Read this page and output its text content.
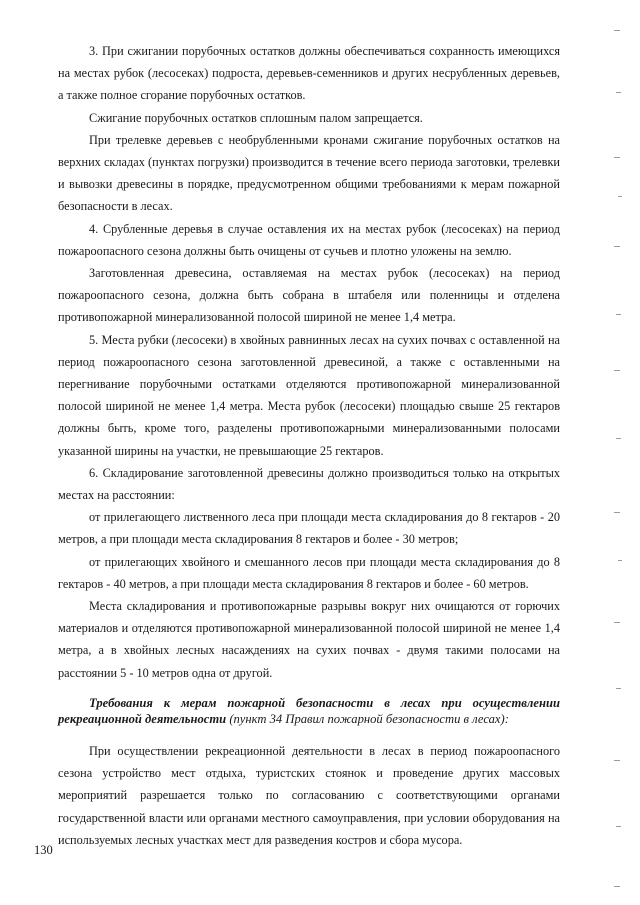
3. При сжигании порубочных остатков должны обеспечиваться сохранность имеющихся на местах рубок (лесосеках) подроста, деревьев-семенников и других несрубленных деревьев, а также полное сгорание порубочных остатков.

Сжигание порубочных остатков сплошным палом запрещается.

При трелевке деревьев с необрубленными кронами сжигание порубочных остатков на верхних складах (пунктах погрузки) производится в течение всего периода заготовки, трелевки и вывозки древесины в порядке, предусмотренном общими требованиями к мерам пожарной безопасности в лесах.

4. Срубленные деревья в случае оставления их на местах рубок (лесосеках) на период пожароопасного сезона должны быть очищены от сучьев и плотно уложены на землю.

Заготовленная древесина, оставляемая на местах рубок (лесосеках) на период пожароопасного сезона, должна быть собрана в штабеля или поленницы и отделена противопожарной минерализованной полосой шириной не менее 1,4 метра.

5. Места рубки (лесосеки) в хвойных равнинных лесах на сухих почвах с оставленной на период пожароопасного сезона заготовленной древесиной, а также с оставленными на перегнивание порубочными остатками отделяются противопожарной минерализованной полосой шириной не менее 1,4 метра. Места рубок (лесосеки) площадью свыше 25 гектаров должны быть, кроме того, разделены противопожарными минерализованными полосами указанной ширины на участки, не превышающие 25 гектаров.

6. Складирование заготовленной древесины должно производиться только на открытых местах на расстоянии:

от прилегающего лиственного леса при площади места складирования до 8 гектаров - 20 метров, а при площади места складирования 8 гектаров и более - 30 метров;

от прилегающих хвойного и смешанного лесов при площади места складирования до 8 гектаров - 40 метров, а при площади места складирования 8 гектаров и более - 60 метров.

Места складирования и противопожарные разрывы вокруг них очищаются от горючих материалов и отделяются противопожарной минерализованной полосой шириной не менее 1,4 метра, а в хвойных лесных насаждениях на сухих почвах - двумя такими полосами на расстоянии 5 - 10 метров одна от другой.

Требования к мерам пожарной безопасности в лесах при осуществлении рекреационной деятельности (пункт 34 Правил пожарной безопасности в лесах):

При осуществлении рекреационной деятельности в лесах в период пожароопасного сезона устройство мест отдыха, туристских стоянок и проведение других массовых мероприятий разрешается только по согласованию с соответствующими органами государственной власти или органами местного самоуправления, при условии оборудования на используемых лесных участках мест для разведения костров и сбора мусора.

130
